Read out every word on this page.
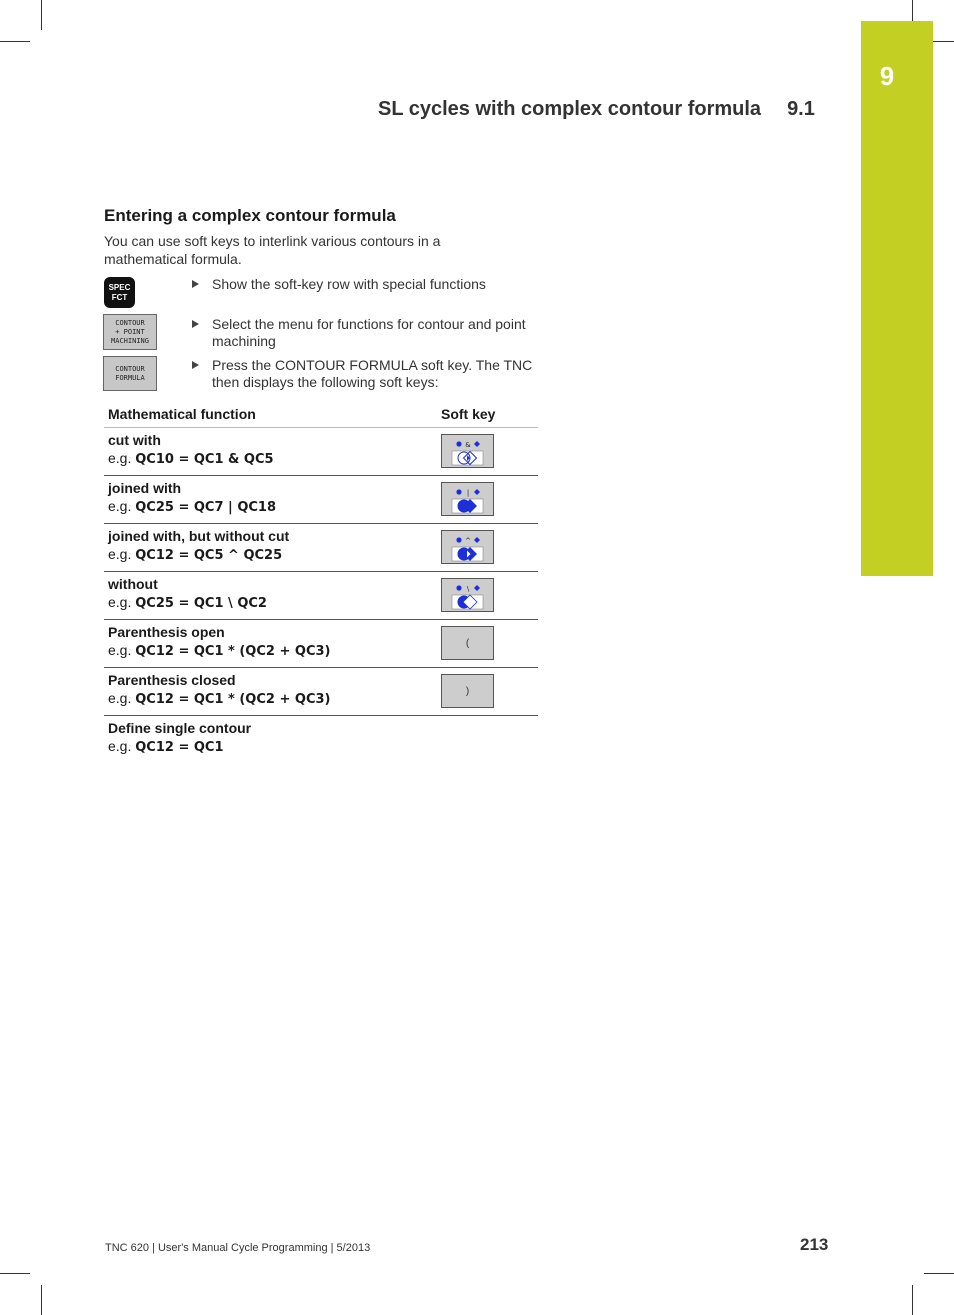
9
SL cycles with complex contour formula 9.1
Entering a complex contour formula
You can use soft keys to interlink various contours in a mathematical formula.
SPEC
FCT
CONTOUR
+ POINT
MACHINING
CONTOUR
FORMULA
Show the soft-key row with special functions
Select the menu for functions for contour and point machining
Press the CONTOUR FORMULA soft key. The TNC then displays the following soft keys:
Mathematical function	Soft key

cut with
e.g. QC10 = QC1 & QC5	&

joined with
e.g. QC25 = QC7 | QC18	|

joined with, but without cut
e.g. QC12 = QC5 ^ QC25	^

without
e.g. QC25 = QC1 \ QC2	\

Parenthesis open
e.g. QC12 = QC1 * (QC2 + QC3)	(

Parenthesis closed
e.g. QC12 = QC1 * (QC2 + QC3)	)

Define single contour
e.g. QC12 = QC1	

TNC 620 | User's Manual Cycle Programming | 5/2013	213
